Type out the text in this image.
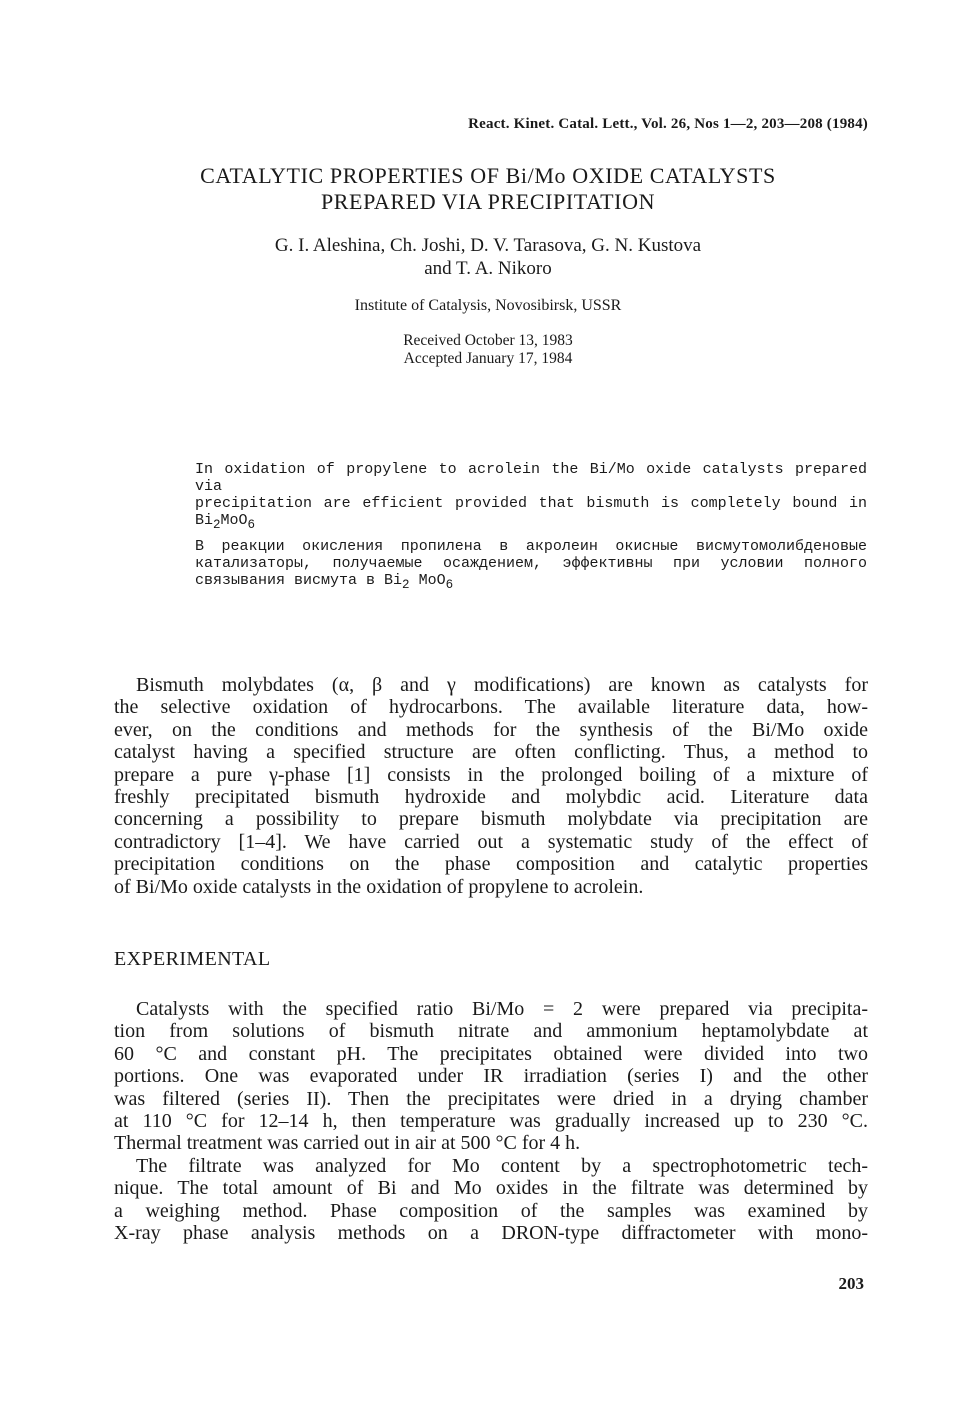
React. Kinet. Catal. Lett., Vol. 26, Nos 1—2, 203—208 (1984)
CATALYTIC PROPERTIES OF Bi/Mo OXIDE CATALYSTS
PREPARED VIA PRECIPITATION
G. I. Aleshina, Ch. Joshi, D. V. Tarasova, G. N. Kustova
and T. A. Nikoro
Institute of Catalysis, Novosibirsk, USSR
Received October 13, 1983
Accepted January 17, 1984
In oxidation of propylene to acrolein the Bi/Mo oxide catalysts prepared via
precipitation are efficient provided that bismuth is completely bound in $Bi_2MoO_6$
В реакции окисления пропилена в акролеин окисные висмутомолибденовые
катализаторы, получаемые осаждением, эффективны при условии полного
связывания висмута в $Bi_2$ MoO$_6$
Bismuth molybdates (α, β and γ modifications) are known as catalysts for
the selective oxidation of hydrocarbons. The available literature data, how-
ever, on the conditions and methods for the synthesis of the Bi/Mo oxide
catalyst having a specified structure are often conflicting. Thus, a method to
prepare a pure γ-phase [1] consists in the prolonged boiling of a mixture of
freshly precipitated bismuth hydroxide and molybdic acid. Literature data
concerning a possibility to prepare bismuth molybdate via precipitation are
contradictory [1–4]. We have carried out a systematic study of the effect of
precipitation conditions on the phase composition and catalytic properties
of Bi/Mo oxide catalysts in the oxidation of propylene to acrolein.
EXPERIMENTAL
Catalysts with the specified ratio Bi/Mo = 2 were prepared via precipita-
tion from solutions of bismuth nitrate and ammonium heptamolybdate at
60 °C and constant pH. The precipitates obtained were divided into two
portions. One was evaporated under IR irradiation (series I) and the other
was filtered (series II). Then the precipitates were dried in a drying chamber
at 110 °C for 12–14 h, then temperature was gradually increased up to 230 °C.
Thermal treatment was carried out in air at 500 °C for 4 h.
The filtrate was analyzed for Mo content by a spectrophotometric tech-
nique. The total amount of Bi and Mo oxides in the filtrate was determined by
a weighing method. Phase composition of the samples was examined by
X-ray phase analysis methods on a DRON-type diffractometer with mono-
203
